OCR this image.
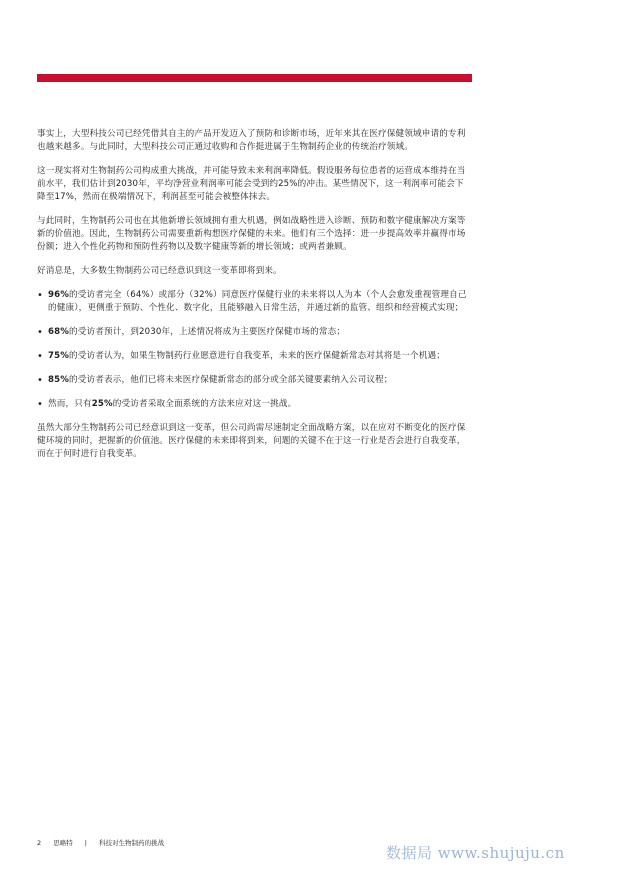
事实上，大型科技公司已经凭借其自主的产品开发迈入了预防和诊断市场，近年来其在医疗保健领域申请的专利也越来越多。与此同时，大型科技公司正通过收购和合作挺进属于生物制药企业的传统治疗领域。

这一现实将对生物制药公司构成重大挑战，并可能导致未来利润率降低。假设服务每位患者的运营成本维持在当前水平，我们估计到2030年，平均净营业利润率可能会受到约25%的冲击。某些情况下，这一利润率可能会下降至17%，然而在极端情况下，利润甚至可能会被整体抹去。

与此同时，生物制药公司也在其他新增长领域拥有重大机遇，例如战略性进入诊断、预防和数字健康解决方案等新的价值池。因此，生物制药公司需要重新构想医疗保健的未来。他们有三个选择：进一步提高效率并赢得市场份额；进入个性化药物和预防性药物以及数字健康等新的增长领域；或两者兼顾。

好消息是，大多数生物制药公司已经意识到这一变革即将到来。

• 96%的受访者完全（64%）或部分（32%）同意医疗保健行业的未来将以人为本（个人会愈发重视管理自己的健康），更侧重于预防、个性化、数字化，且能够融入日常生活，并通过新的监管、组织和经营模式实现；
• 68%的受访者预计，到2030年，上述情况将成为主要医疗保健市场的常态；
• 75%的受访者认为，如果生物制药行业愿意进行自我变革，未来的医疗保健新常态对其将是一个机遇；
• 85%的受访者表示，他们已将未来医疗保健新常态的部分或全部关键要素纳入公司议程；
• 然而，只有25%的受访者采取全面系统的方法来应对这一挑战。

虽然大部分生物制药公司已经意识到这一变革，但公司尚需尽速制定全面战略方案，以在应对不断变化的医疗保健环境的同时，把握新的价值池。医疗保健的未来即将到来，问题的关键不在于这一行业是否会进行自我变革，而在于何时进行自我变革。

2 思略特 | 科技对生物制药的挑战
数据局 www.shujuju.cn
